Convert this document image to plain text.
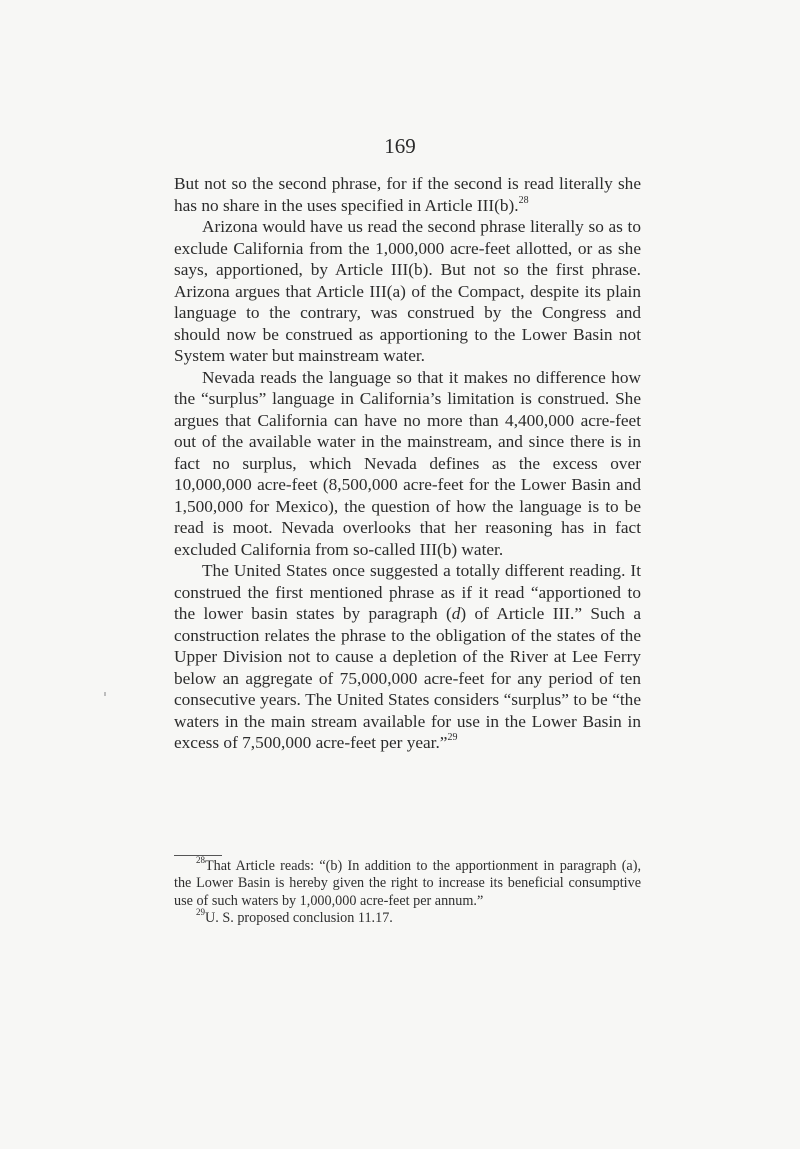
169

But not so the second phrase, for if the second is read literally she has no share in the uses specified in Article III(b).$^{28}$

Arizona would have us read the second phrase literally so as to exclude California from the 1,000,000 acre-feet allotted, or as she says, apportioned, by Article III(b). But not so the first phrase. Arizona argues that Article III(a) of the Compact, despite its plain language to the contrary, was construed by the Congress and should now be construed as apportioning to the Lower Basin not System water but mainstream water.

Nevada reads the language so that it makes no difference how the “surplus” language in California’s limitation is construed. She argues that California can have no more than 4,400,000 acre-feet out of the available water in the mainstream, and since there is in fact no surplus, which Nevada defines as the excess over 10,000,000 acre-feet (8,500,000 acre-feet for the Lower Basin and 1,500,000 for Mexico), the question of how the language is to be read is moot. Nevada overlooks that her reasoning has in fact excluded California from so-called III(b) water.

The United States once suggested a totally different reading. It construed the first mentioned phrase as if it read “apportioned to the lower basin states by paragraph (d) of Article III.” Such a construction relates the phrase to the obligation of the states of the Upper Division not to cause a depletion of the River at Lee Ferry below an aggregate of 75,000,000 acre-feet for any period of ten consecutive years. The United States considers “surplus” to be “the waters in the main stream available for use in the Lower Basin in excess of 7,500,000 acre-feet per year.”$^{29}$

$^{28}$That Article reads: “(b) In addition to the apportionment in paragraph (a), the Lower Basin is hereby given the right to increase its beneficial consumptive use of such waters by 1,000,000 acre-feet per annum.”

$^{29}$U. S. proposed conclusion 11.17.
